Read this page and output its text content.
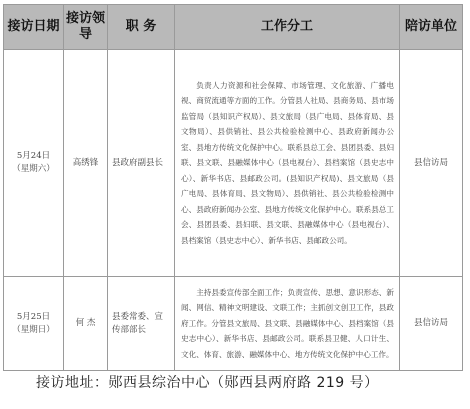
接访日期	接访领导	职 务	工作分工	陪访单位

5月24日
（星期六）	高绣锋	县政府副县长	负责人力资源和社会保障、市场管理、文化旅游、广播电视、商贸流通等方面的工作。分管县人社局、县商务局、县市场监管局（县知识产权局）、县文旅局（县广电局、县体育局、县文物局）、县供销社、县公共检验检测中心、县政府新闻办公室、县地方传统文化保护中心。联系县总工会、县团县委、县妇联、县文联、县融媒体中心（县电视台）、县档案馆（县史志中心）、新华书店、县邮政公司。(县知识产权局)、县文旅局（县广电局、县体育局、县文物局）、县供销社、县公共检验检测中心、县政府新闻办公室、县地方传统文化保护中心。联系县总工会、县团县委、县妇联、县文联、县融媒体中心（县电视台）、县档案馆（县史志中心）、新华书店、县邮政公司。	县信访局

5月25日
（星期日）	何 杰	县委常委、宣传部部长	主持县委宣传部全面工作；负责宣传、思想、意识形态、新闻、网信、精神文明建设、文联工作；主抓创文创卫工作，县政府工作。分管县文旅局、县文联、县融媒体中心、县档案馆（县史志中心）、新华书店、县邮政公司。联系县卫健、人口计生、文化、体育、旅游、融媒体中心、地方传统文化保护中心工作。	县信访局
接访地址：郧西县综治中心（郧西县两府路 219 号）
